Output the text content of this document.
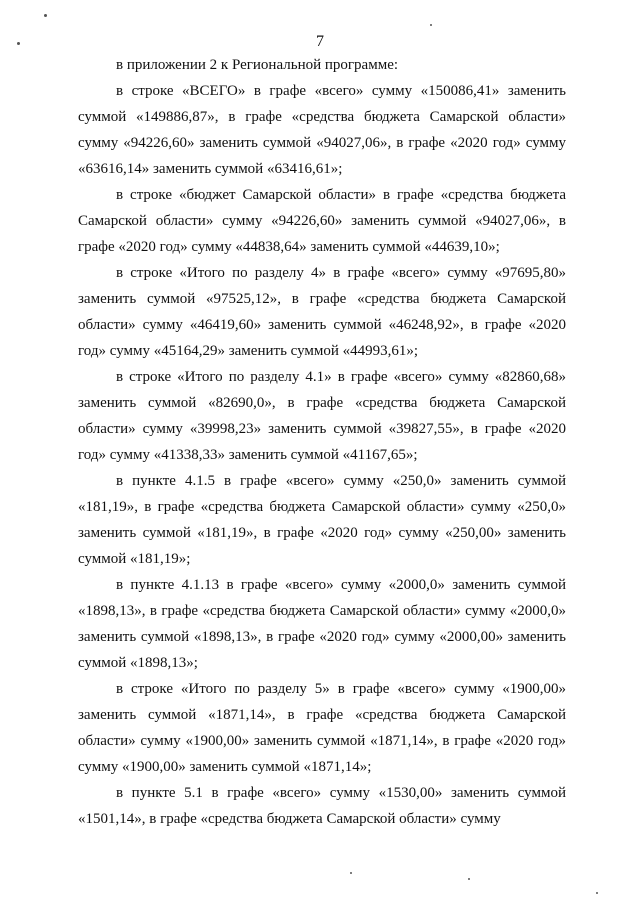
7

в приложении 2 к Региональной программе:

в строке «ВСЕГО» в графе «всего» сумму «150086,41» заменить суммой «149886,87», в графе «средства бюджета Самарской области» сумму «94226,60» заменить суммой «94027,06», в графе «2020 год» сумму «63616,14» заменить суммой «63416,61»;

в строке «бюджет Самарской области» в графе «средства бюджета Самарской области» сумму «94226,60» заменить суммой «94027,06», в графе «2020 год» сумму «44838,64» заменить суммой «44639,10»;

в строке «Итого по разделу 4» в графе «всего» сумму «97695,80» заменить суммой «97525,12», в графе «средства бюджета Самарской области» сумму «46419,60» заменить суммой «46248,92», в графе «2020 год» сумму «45164,29» заменить суммой «44993,61»;

в строке «Итого по разделу 4.1» в графе «всего» сумму «82860,68» заменить суммой «82690,0», в графе «средства бюджета Самарской области» сумму «39998,23» заменить суммой «39827,55», в графе «2020 год» сумму «41338,33» заменить суммой «41167,65»;

в пункте 4.1.5 в графе «всего» сумму «250,0» заменить суммой «181,19», в графе «средства бюджета Самарской области» сумму «250,0» заменить суммой «181,19», в графе «2020 год» сумму «250,00» заменить суммой «181,19»;

в пункте 4.1.13 в графе «всего» сумму «2000,0» заменить суммой «1898,13», в графе «средства бюджета Самарской области» сумму «2000,0» заменить суммой «1898,13», в графе «2020 год» сумму «2000,00» заменить суммой «1898,13»;

в строке «Итого по разделу 5» в графе «всего» сумму «1900,00» заменить суммой «1871,14», в графе «средства бюджета Самарской области» сумму «1900,00» заменить суммой «1871,14», в графе «2020 год» сумму «1900,00» заменить суммой «1871,14»;

в пункте 5.1 в графе «всего» сумму «1530,00» заменить суммой «1501,14», в графе «средства бюджета Самарской области» сумму
